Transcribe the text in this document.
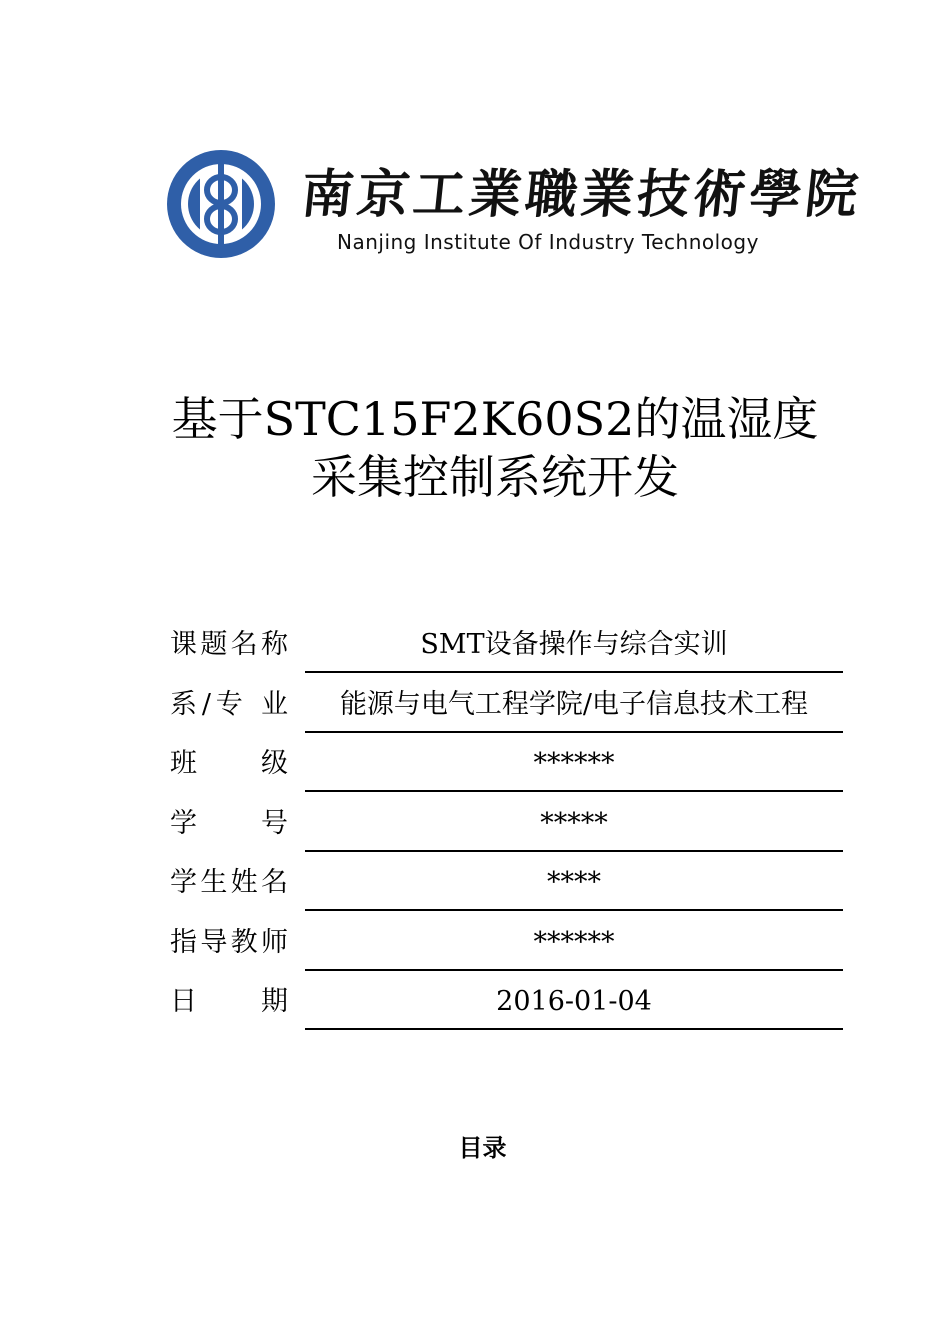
南京工業職業技術學院
Nanjing Institute Of Industry Technology
基于STC15F2K60S2的温湿度
采集控制系统开发
课题名称	SMT设备操作与综合实训
系/专 业	能源与电气工程学院/电子信息技术工程
班 级	******
学 号	*****
学生姓名	****
指导教师	******
日 期	2016-01-04
目录
